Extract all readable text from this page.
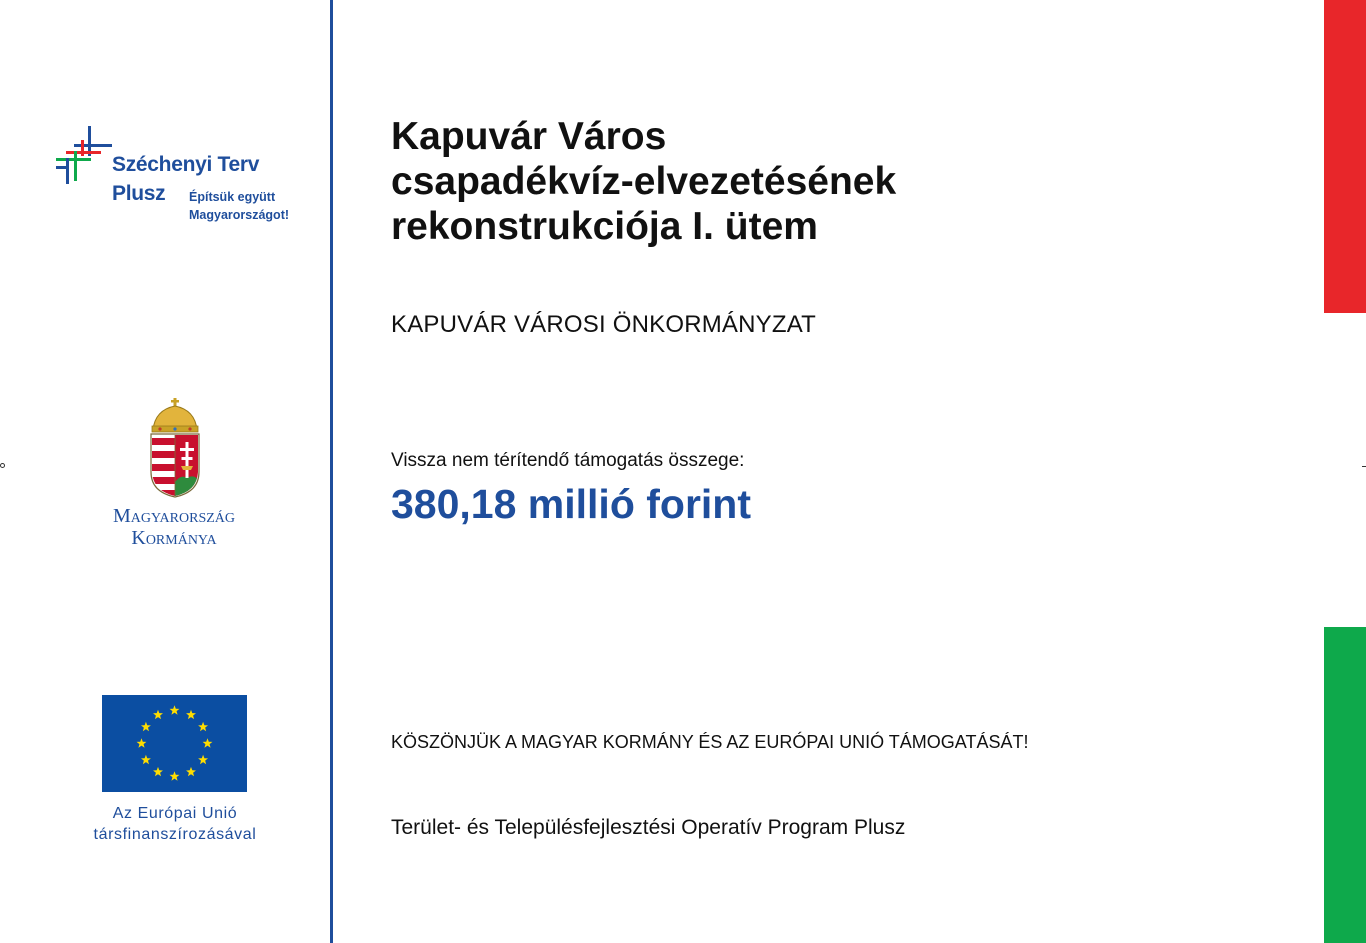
Széchenyi Terv
Plusz Építsük együtt
Magyarországot!
Magyarország
Kormánya
Az Európai Unió
társfinanszírozásával
Kapuvár Város
csapadékvíz-elvezetésének
rekonstrukciója I. ütem
KAPUVÁR VÁROSI ÖNKORMÁNYZAT
Vissza nem térítendő támogatás összege:
380,18 millió forint
KÖSZÖNJÜK A MAGYAR KORMÁNY ÉS AZ EURÓPAI UNIÓ TÁMOGATÁSÁT!
Terület- és Településfejlesztési Operatív Program Plusz
